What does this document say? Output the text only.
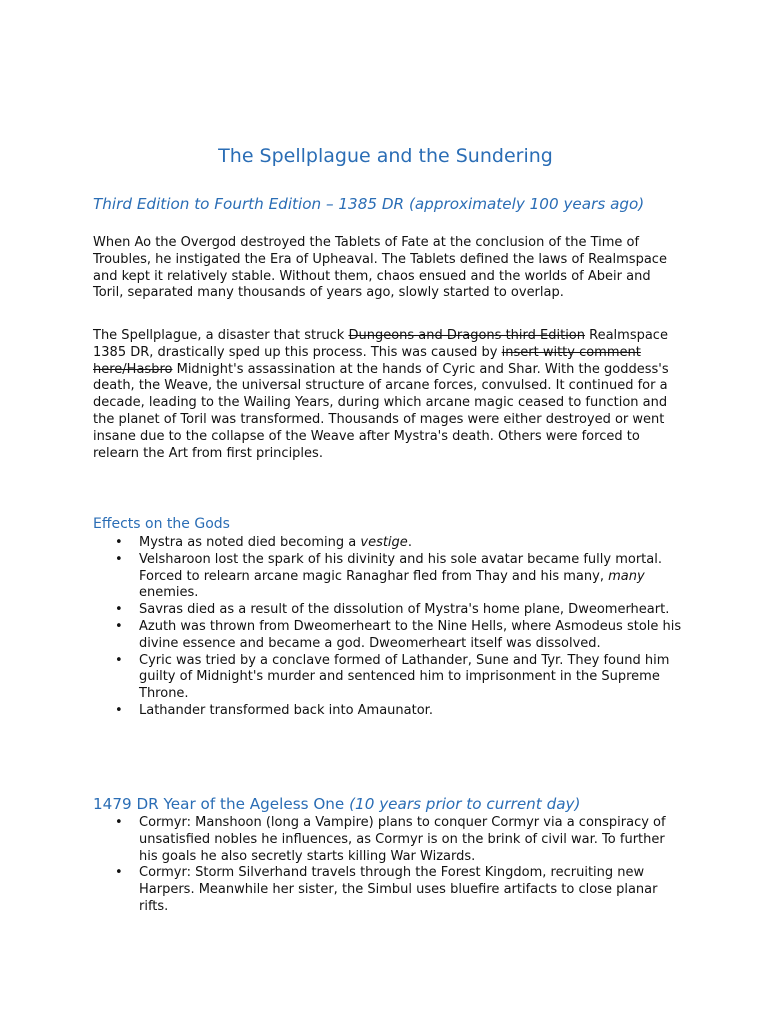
The Spellplague and the Sundering
Third Edition to Fourth Edition – 1385 DR (approximately 100 years ago)

When Ao the Overgod destroyed the Tablets of Fate at the conclusion of the Time of Troubles, he instigated the Era of Upheaval. The Tablets defined the laws of Realmspace and kept it relatively stable. Without them, chaos ensued and the worlds of Abeir and Toril, separated many thousands of years ago, slowly started to overlap.

The Spellplague, a disaster that struck Dungeons and Dragons third Edition Realmspace 1385 DR, drastically sped up this process. This was caused by insert witty comment here/Hasbro Midnight's assassination at the hands of Cyric and Shar. With the goddess's death, the Weave, the universal structure of arcane forces, convulsed. It continued for a decade, leading to the Wailing Years, during which arcane magic ceased to function and the planet of Toril was transformed. Thousands of mages were either destroyed or went insane due to the collapse of the Weave after Mystra's death. Others were forced to relearn the Art from first principles.

Effects on the Gods
• Mystra as noted died becoming a vestige.
• Velsharoon lost the spark of his divinity and his sole avatar became fully mortal. Forced to relearn arcane magic Ranaghar fled from Thay and his many, many enemies.
• Savras died as a result of the dissolution of Mystra's home plane, Dweomerheart.
• Azuth was thrown from Dweomerheart to the Nine Hells, where Asmodeus stole his divine essence and became a god. Dweomerheart itself was dissolved.
• Cyric was tried by a conclave formed of Lathander, Sune and Tyr. They found him guilty of Midnight's murder and sentenced him to imprisonment in the Supreme Throne.
• Lathander transformed back into Amaunator.
1479 DR Year of the Ageless One (10 years prior to current day)
• Cormyr: Manshoon (long a Vampire) plans to conquer Cormyr via a conspiracy of unsatisfied nobles he influences, as Cormyr is on the brink of civil war. To further his goals he also secretly starts killing War Wizards.
• Cormyr: Storm Silverhand travels through the Forest Kingdom, recruiting new Harpers. Meanwhile her sister, the Simbul uses bluefire artifacts to close planar rifts.
